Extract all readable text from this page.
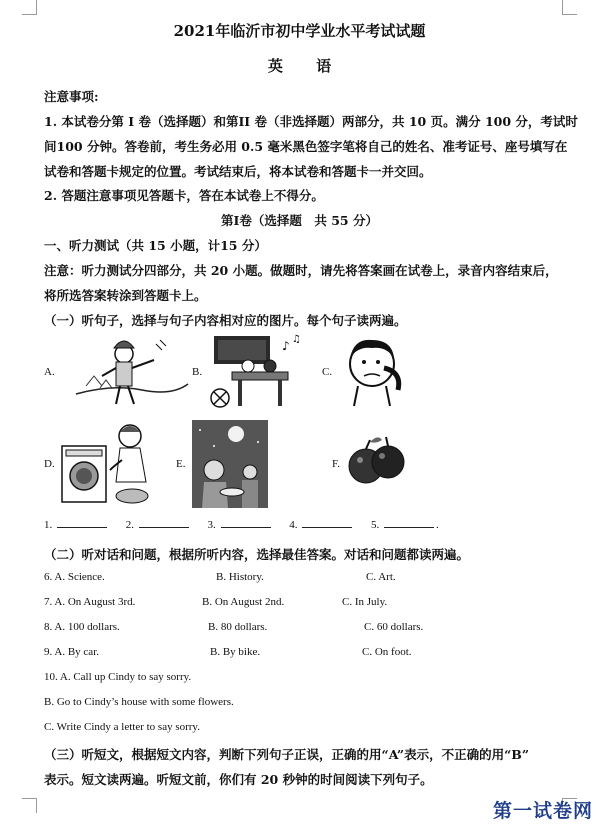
2021年临沂市初中学业水平考试试题
英 语
注意事项:
1. 本试卷分第 I 卷（选择题）和第II 卷（非选择题）两部分，共 10 页。满分 100 分，考试时
间100 分钟。答卷前，考生务必用 0.5 毫米黑色签字笔将自己的姓名、准考证号、座号填写在
试卷和答题卡规定的位置。考试结束后，将本试卷和答题卡一并交回。
2. 答题注意事项见答题卡，答在本试卷上不得分。
第Ⅰ卷（选择题　共 55 分）
一、听力测试（共 15 小题，计15 分）
注意：听力测试分四部分，共 20 小题。做题时，请先将答案画在试卷上，录音内容结束后，
将所选答案转涂到答题卡上。
（一）听句子，选择与句子内容相对应的图片。每个句子读两遍。
A.	B.
♪ ♫
C.
D.	E.	F.
1.	2.	3.	4.	5.	.
（二）听对话和问题，根据所听内容，选择最佳答案。对话和问题都读两遍。
6. A. Science.	B. History.	C. Art.
7. A. On August 3rd.	B. On August 2nd.	C. In July.
8. A. 100 dollars.	B. 80 dollars.	C. 60 dollars.
9. A. By car.	B. By bike.	C. On foot.
10. A. Call up Cindy to say sorry.
B. Go to Cindy’s house with some flowers.
C. Write Cindy a letter to say sorry.
（三）听短文，根据短文内容，判断下列句子正误，正确的用“A”表示，不正确的用“B”
表示。短文读两遍。听短文前，你们有 20 秒钟的时间阅读下列句子。
第一试卷网
